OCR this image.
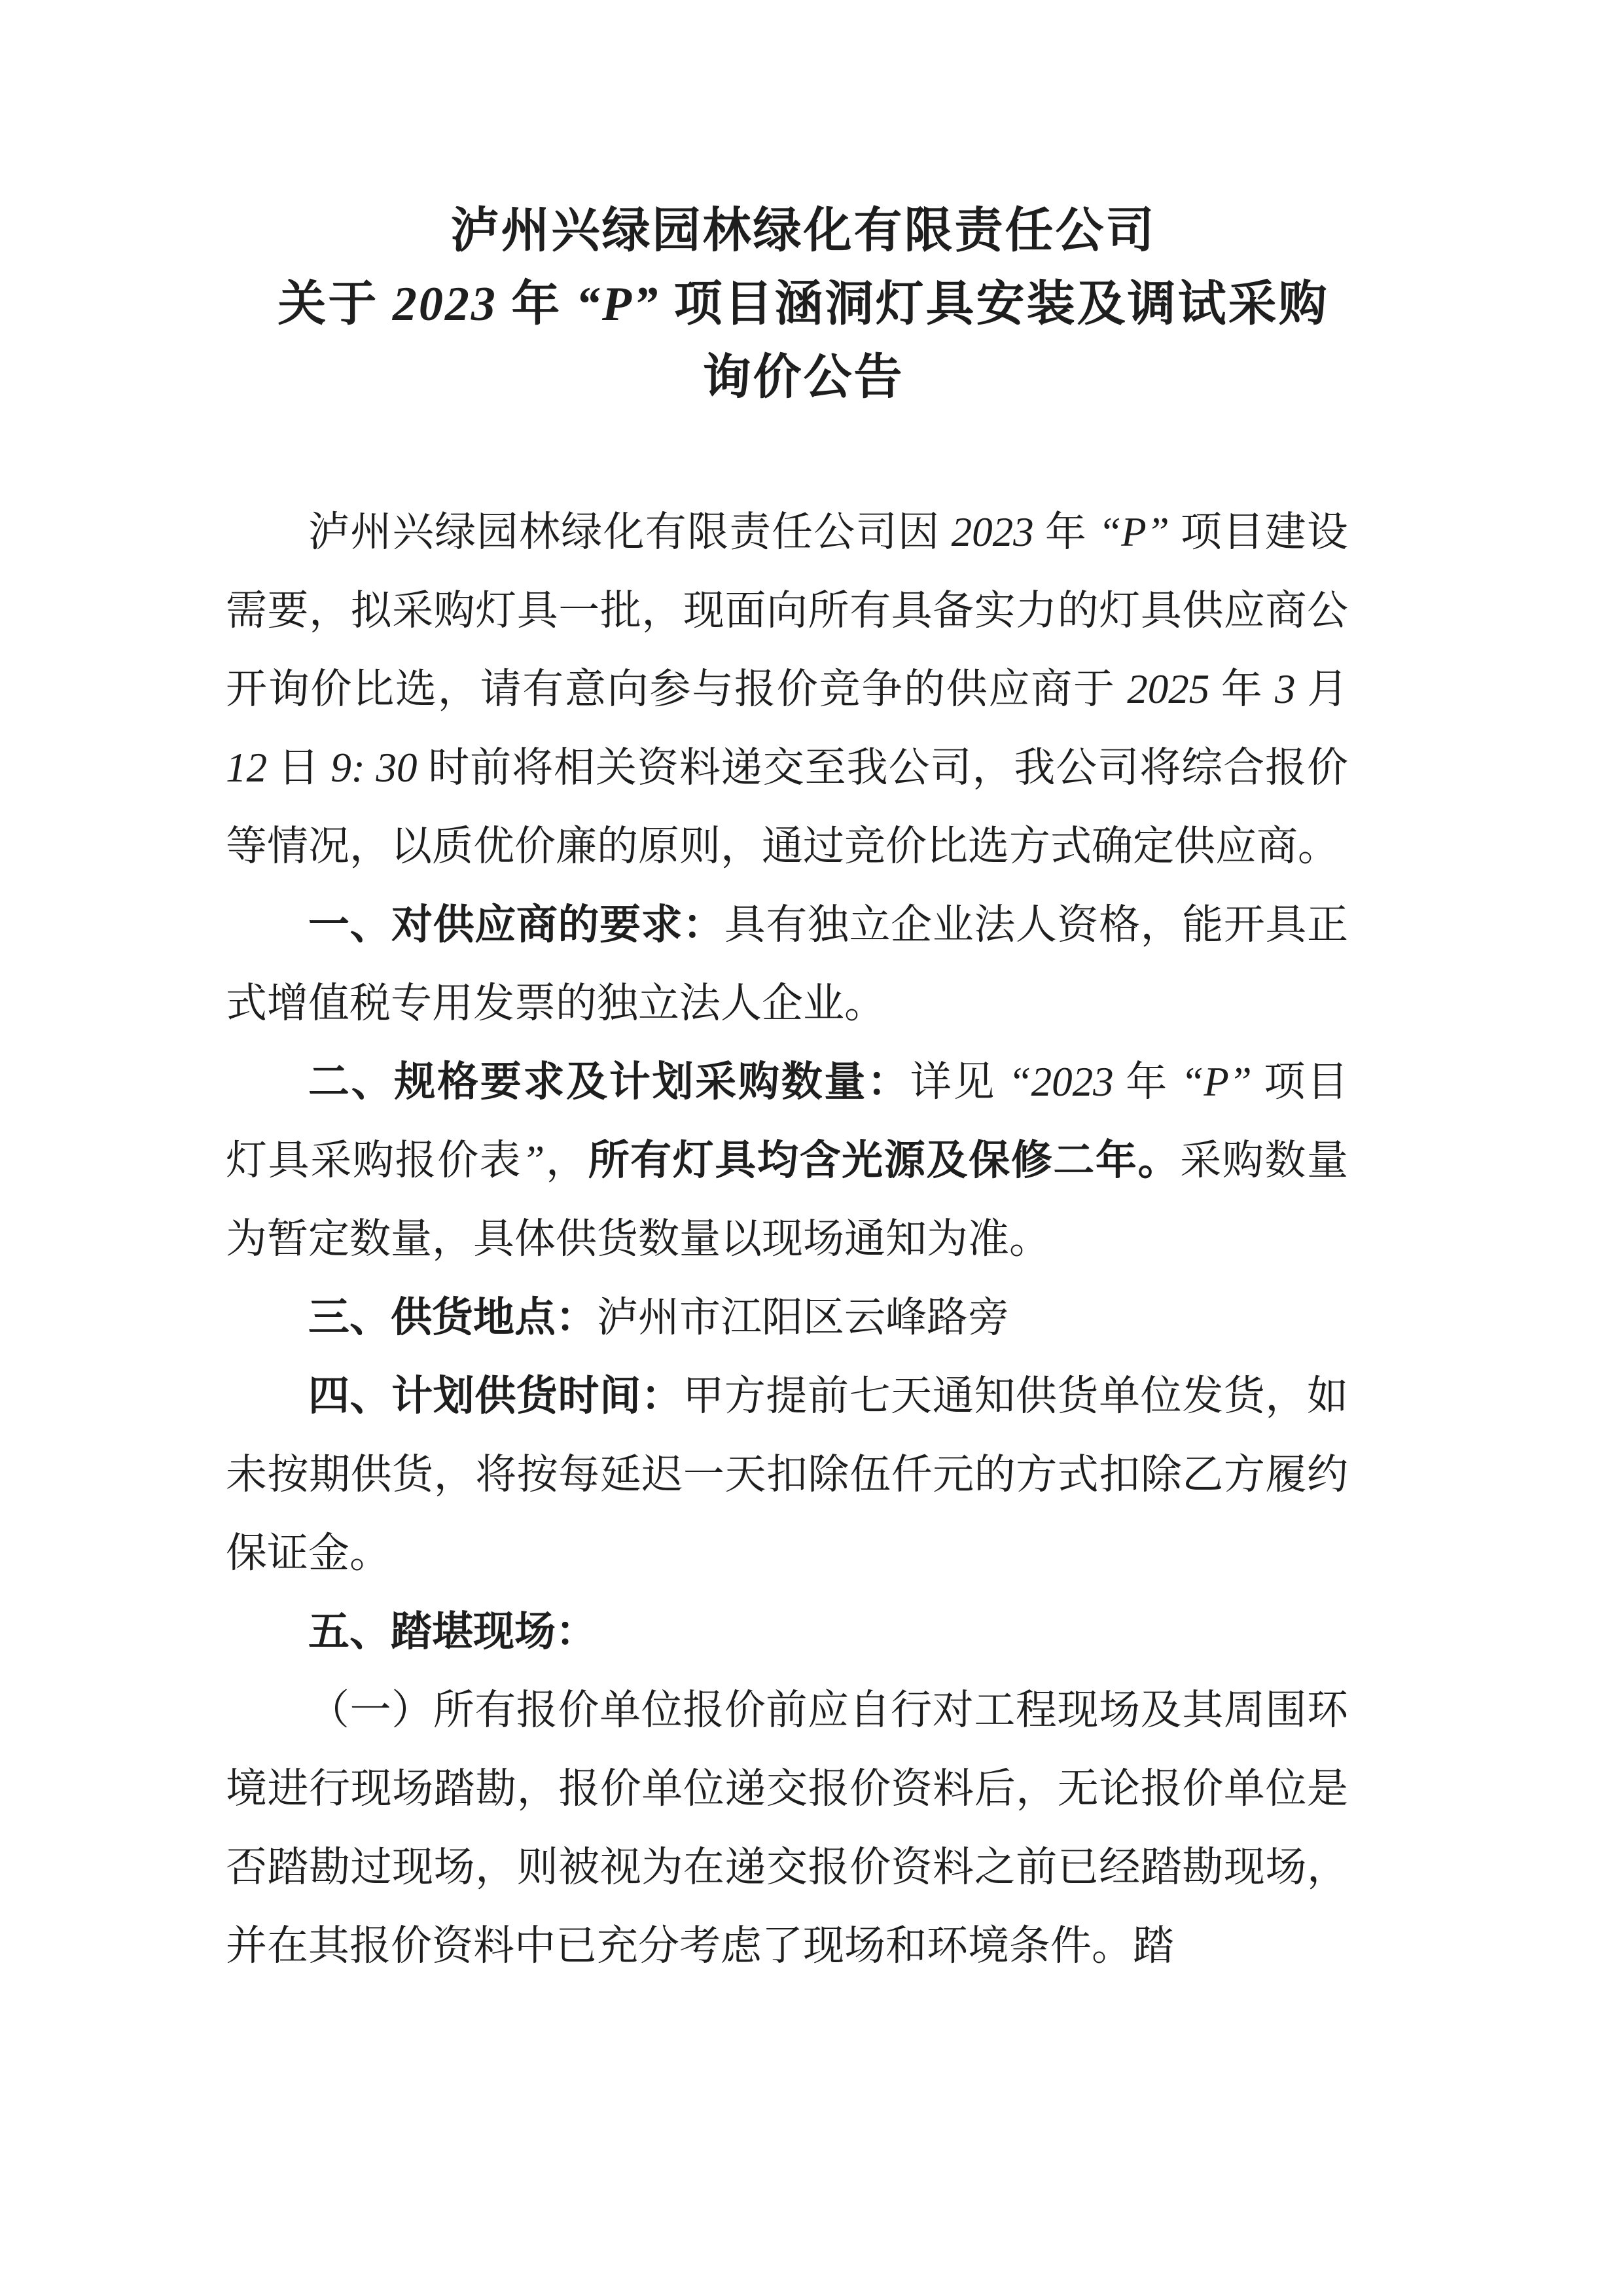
泸州兴绿园林绿化有限责任公司
关于 2023 年 “P” 项目涵洞灯具安装及调试采购
询价公告

泸州兴绿园林绿化有限责任公司因 2023 年 “P” 项目建设需要，拟采购灯具一批，现面向所有具备实力的灯具供应商公开询价比选，请有意向参与报价竞争的供应商于 2025 年 3 月 12 日 9: 30 时前将相关资料递交至我公司，我公司将综合报价等情况，以质优价廉的原则，通过竞价比选方式确定供应商。

一、对供应商的要求：具有独立企业法人资格，能开具正式增值税专用发票的独立法人企业。

二、规格要求及计划采购数量：详见 “2023 年 “P” 项目灯具采购报价表”，所有灯具均含光源及保修二年。采购数量为暂定数量，具体供货数量以现场通知为准。

三、供货地点：泸州市江阳区云峰路旁

四、计划供货时间：甲方提前七天通知供货单位发货，如未按期供货，将按每延迟一天扣除伍仟元的方式扣除乙方履约保证金。

五、踏堪现场：

（一）所有报价单位报价前应自行对工程现场及其周围环境进行现场踏勘，报价单位递交报价资料后，无论报价单位是否踏勘过现场，则被视为在递交报价资料之前已经踏勘现场，并在其报价资料中已充分考虑了现场和环境条件。踏
